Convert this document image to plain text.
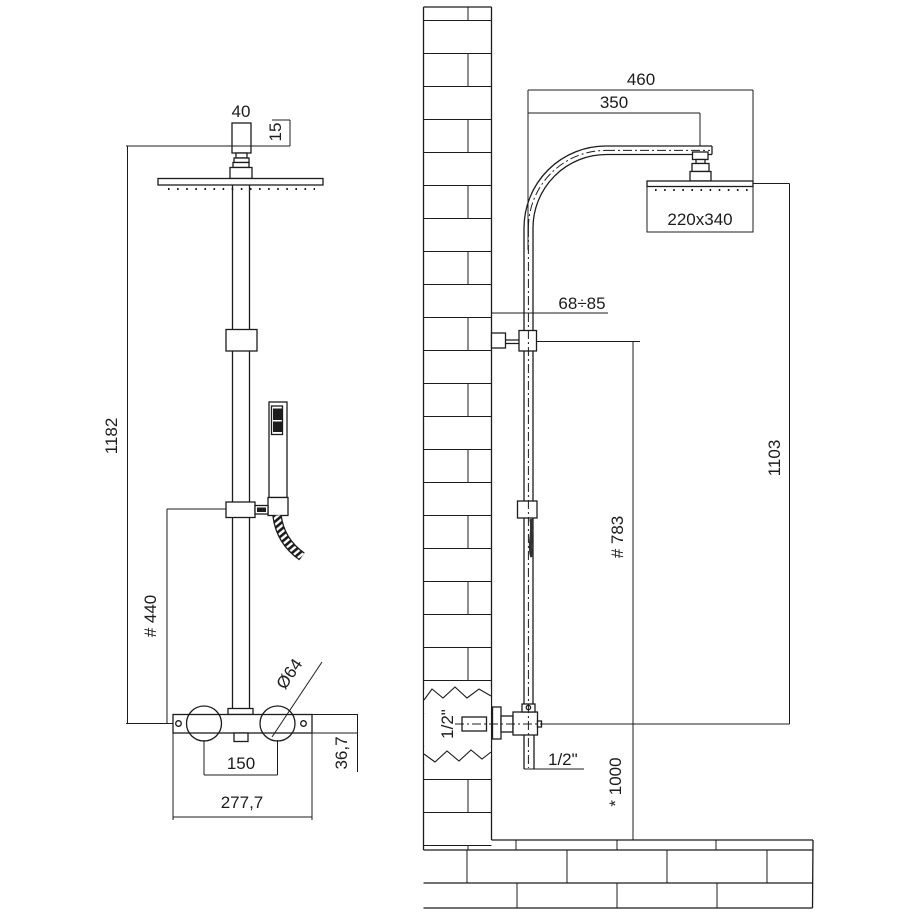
40
15
1182
# 440
Ø64
150
277,7
36,7
460
350
220x340
68÷85
1103
# 783
1/2"
1/2" * 1000
